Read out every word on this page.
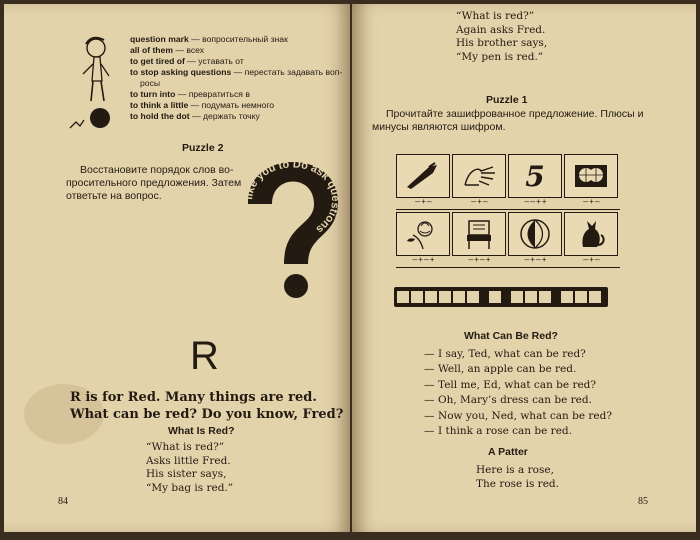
question mark — вопросительный знак
all of them — всех
to get tired of — уставать от
to stop asking questions — перестать задавать воп-
росы
to turn into — превратиться в
to think a little — подумать немного
to hold the dot — держать точку
Puzzle 2
Восстановите порядок слов во-
просительного предложения. Затем
ответьте на вопрос.	like you to Do ask questions
R
R is for Red. Many things are red.
What can be red? Do you know, Fred?
What Is Red?
“What is red?”
Asks little Fred.
His sister says,
“My bag is red.”
84
“What is red?”
Again asks Fred.
His brother says,
“My pen is red.”
Puzzle 1
Прочитайте зашифрованное предложение. Плюсы и
минусы являются шифром.
5
—+—	—+—	——++	—+—
—+—+	—+—+	—+—+	—+—
What Can Be Red?
— I say, Ted, what can be red?
— Well, an apple can be red.
— Tell me, Ed, what can be red?
— Oh, Mary’s dress can be red.
— Now you, Ned, what can be red?
— I think a rose can be red.
A Patter
Here is a rose,
The rose is red.
85
